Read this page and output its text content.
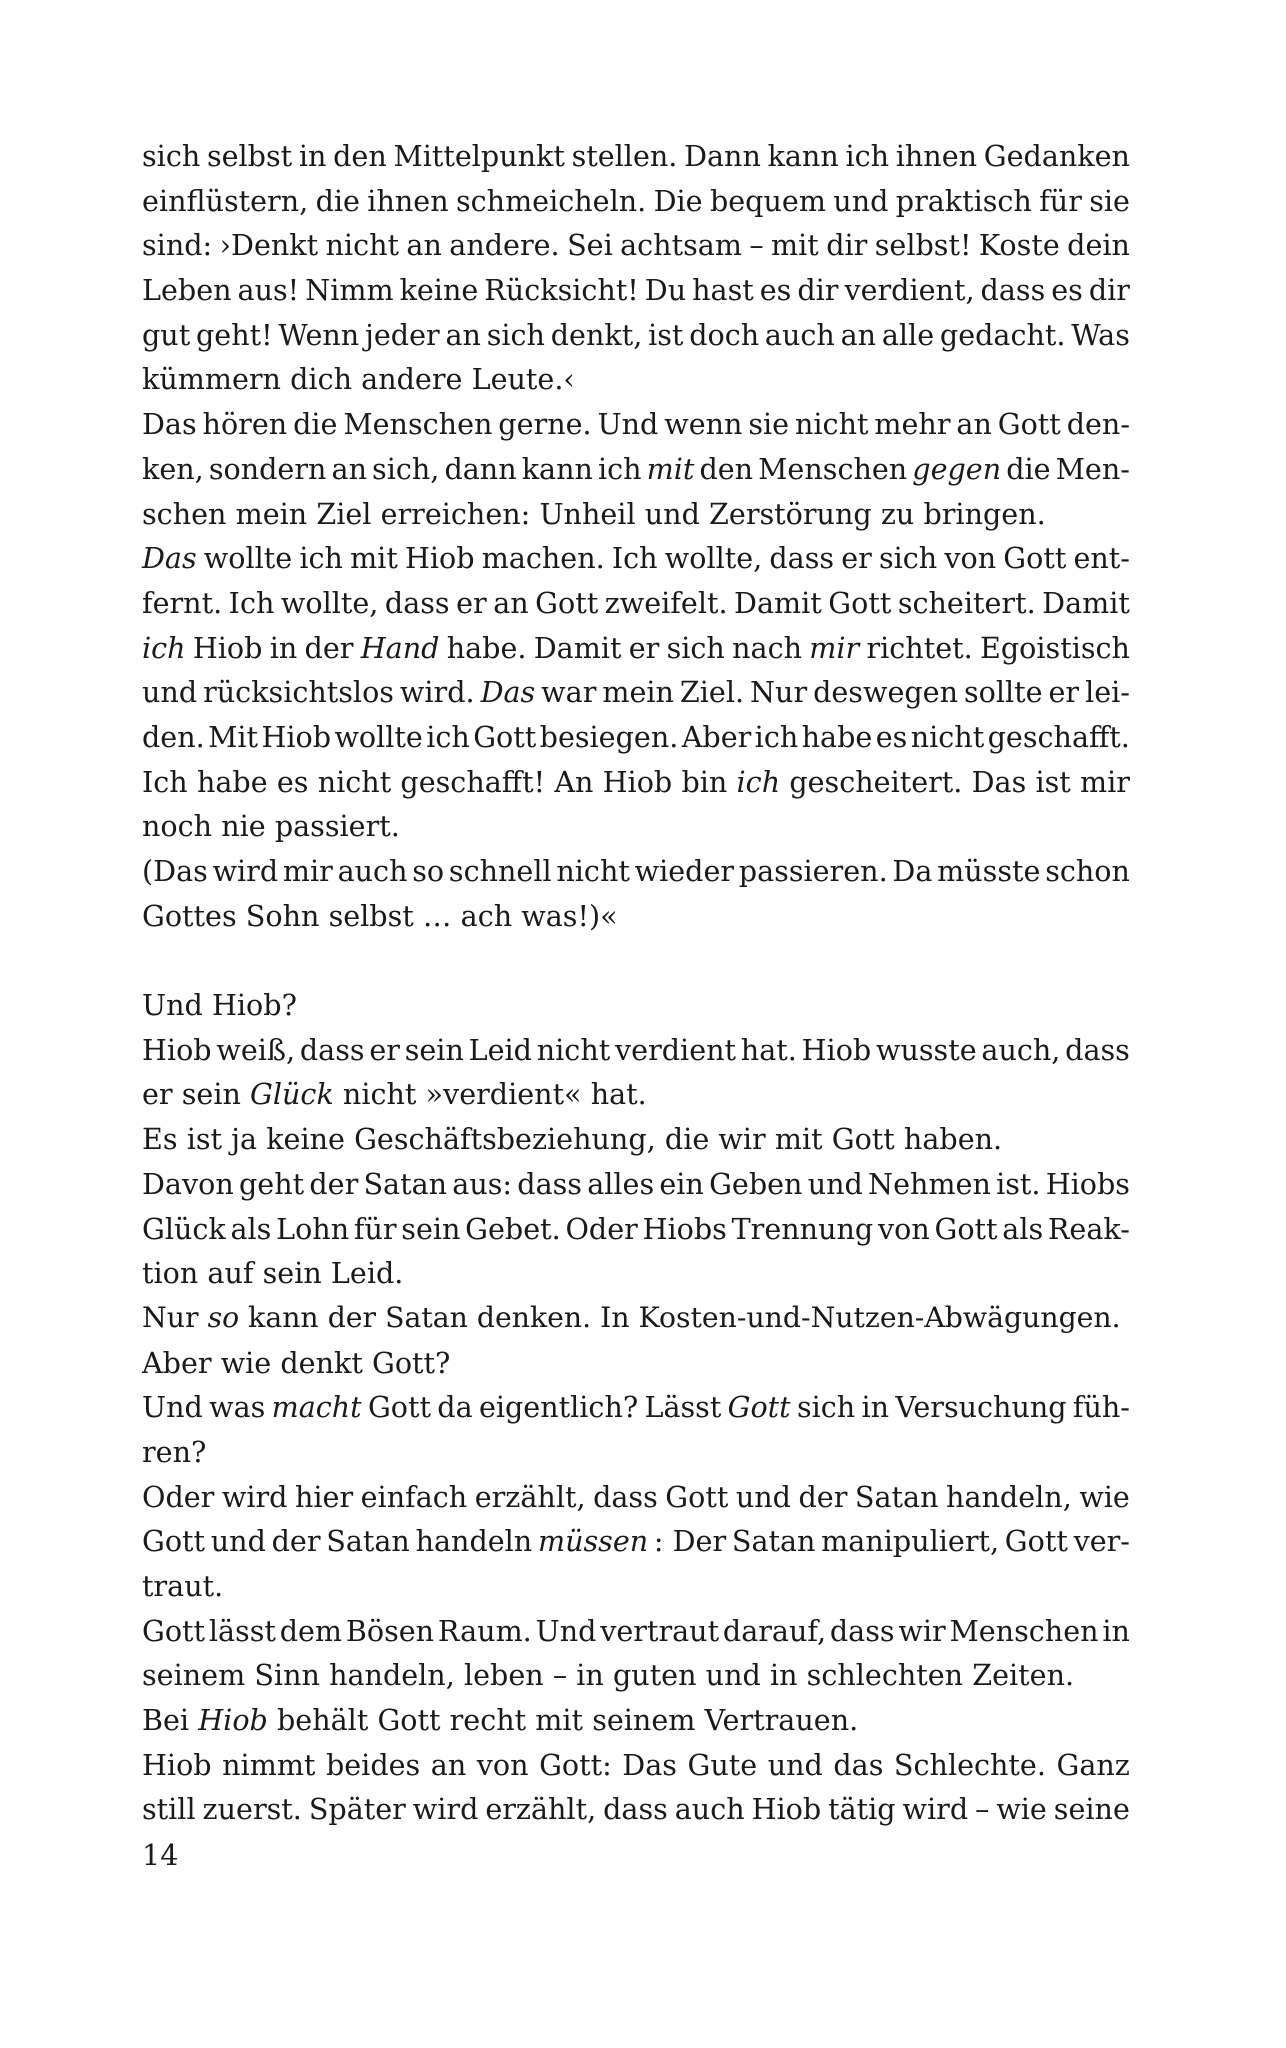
sich selbst in den Mittelpunkt stellen. Dann kann ich ihnen Gedanken
einflüstern, die ihnen schmeicheln. Die bequem und praktisch für sie
sind: ›Denkt nicht an andere. Sei achtsam – mit dir selbst! Koste dein
Leben aus! Nimm keine Rücksicht! Du hast es dir verdient, dass es dir
gut geht! Wenn jeder an sich denkt, ist doch auch an alle gedacht. Was
kümmern dich andere Leute.‹
Das hören die Menschen gerne. Und wenn sie nicht mehr an Gott den-
ken, sondern an sich, dann kann ich mit den Menschen gegen die Men-
schen mein Ziel erreichen: Unheil und Zerstörung zu bringen.
Das wollte ich mit Hiob machen. Ich wollte, dass er sich von Gott ent-
fernt. Ich wollte, dass er an Gott zweifelt. Damit Gott scheitert. Damit
ich Hiob in der Hand habe. Damit er sich nach mir richtet. Egoistisch
und rücksichtslos wird. Das war mein Ziel. Nur deswegen sollte er lei-
den. Mit Hiob wollte ich Gott besiegen. Aber ich habe es nicht geschafft.
Ich habe es nicht geschafft! An Hiob bin ich gescheitert. Das ist mir
noch nie passiert.
(Das wird mir auch so schnell nicht wieder passieren. Da müsste schon
Gottes Sohn selbst … ach was!)«
Und Hiob?
Hiob weiß, dass er sein Leid nicht verdient hat. Hiob wusste auch, dass
er sein Glück nicht »verdient« hat.
Es ist ja keine Geschäftsbeziehung, die wir mit Gott haben.
Davon geht der Satan aus: dass alles ein Geben und Nehmen ist. Hiobs
Glück als Lohn für sein Gebet. Oder Hiobs Trennung von Gott als Reak-
tion auf sein Leid.
Nur so kann der Satan denken. In Kosten-und-Nutzen-Abwägungen.
Aber wie denkt Gott?
Und was macht Gott da eigentlich? Lässt Gott sich in Versuchung füh-
ren?
Oder wird hier einfach erzählt, dass Gott und der Satan handeln, wie
Gott und der Satan handeln müssen : Der Satan manipuliert, Gott ver-
traut.
Gott lässt dem Bösen Raum. Und vertraut darauf, dass wir Menschen in
seinem Sinn handeln, leben – in guten und in schlechten Zeiten.
Bei Hiob behält Gott recht mit seinem Vertrauen.
Hiob nimmt beides an von Gott: Das Gute und das Schlechte. Ganz
still zuerst. Später wird erzählt, dass auch Hiob tätig wird – wie seine
14
